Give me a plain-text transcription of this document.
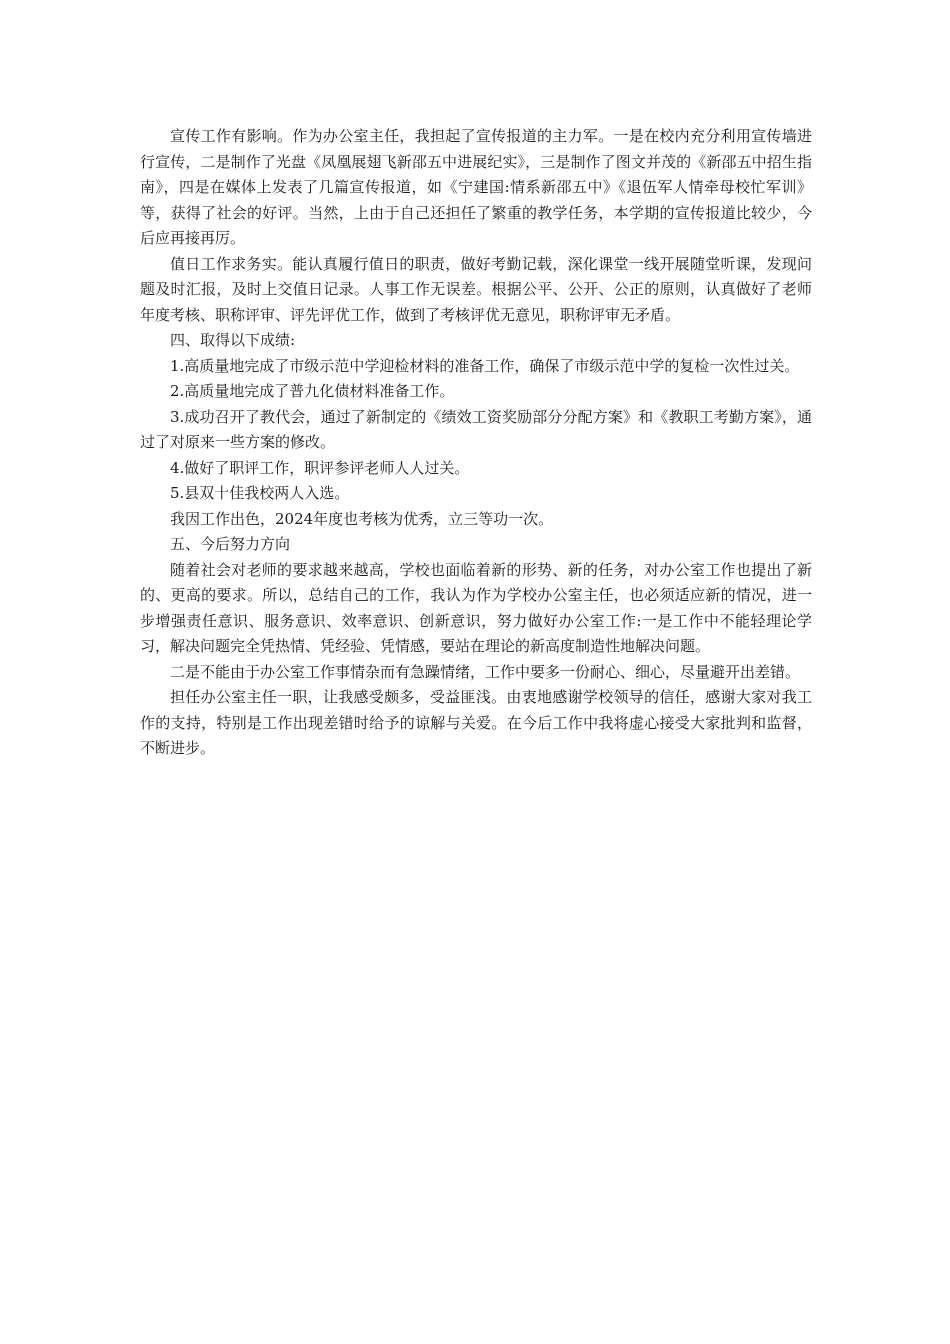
宣传工作有影响。作为办公室主任，我担起了宣传报道的主力军。一是在校内充分利用宣传墙进行宣传，二是制作了光盘《凤凰展翅飞新邵五中进展纪实》，三是制作了图文并茂的《新邵五中招生指南》，四是在媒体上发表了几篇宣传报道，如《宁建国:情系新邵五中》《退伍军人情牵母校忙军训》等，获得了社会的好评。当然，上由于自己还担任了繁重的教学任务，本学期的宣传报道比较少，今后应再接再厉。

值日工作求务实。能认真履行值日的职责，做好考勤记载，深化课堂一线开展随堂听课，发现问题及时汇报，及时上交值日记录。人事工作无误差。根据公平、公开、公正的原则，认真做好了老师年度考核、职称评审、评先评优工作，做到了考核评优无意见，职称评审无矛盾。

四、取得以下成绩:

1.高质量地完成了市级示范中学迎检材料的准备工作，确保了市级示范中学的复检一次性过关。

2.高质量地完成了普九化债材料准备工作。

3.成功召开了教代会，通过了新制定的《绩效工资奖励部分分配方案》和《教职工考勤方案》，通过了对原来一些方案的修改。

4.做好了职评工作，职评参评老师人人过关。

5.县双十佳我校两人入选。

我因工作出色，2024年度也考核为优秀，立三等功一次。

五、今后努力方向

随着社会对老师的要求越来越高，学校也面临着新的形势、新的任务，对办公室工作也提出了新的、更高的要求。所以，总结自己的工作，我认为作为学校办公室主任，也必须适应新的情况，进一步增强责任意识、服务意识、效率意识、创新意识，努力做好办公室工作:一是工作中不能轻理论学习，解决问题完全凭热情、凭经验、凭情感，要站在理论的新高度制造性地解决问题。

二是不能由于办公室工作事情杂而有急躁情绪，工作中要多一份耐心、细心，尽量避开出差错。

担任办公室主任一职，让我感受颇多，受益匪浅。由衷地感谢学校领导的信任，感谢大家对我工作的支持，特别是工作出现差错时给予的谅解与关爱。在今后工作中我将虚心接受大家批判和监督，不断进步。
